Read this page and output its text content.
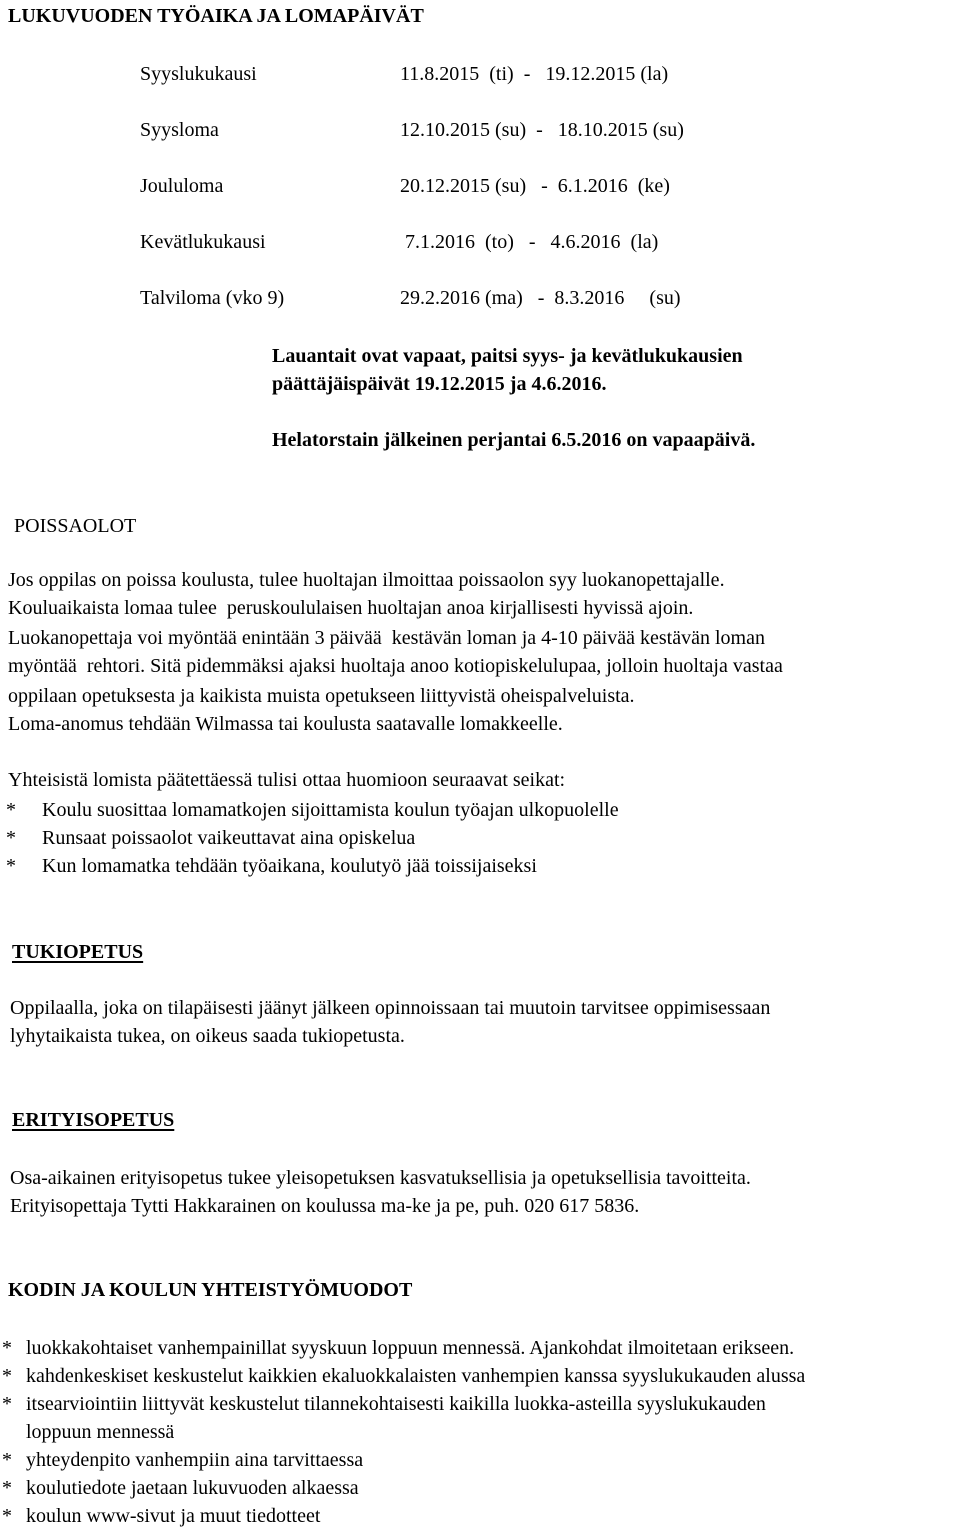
LUKUVUODEN TYÖAIKA JA LOMAPÄIVÄT
Syyslukukausi	11.8.2015  (ti)  -   19.12.2015 (la)
Syysloma	12.10.2015 (su)  -   18.10.2015 (su)
Joululoma	20.12.2015 (su)   -  6.1.2016  (ke)
Kevätlukukausi	7.1.2016  (to)   -   4.6.2016  (la)
Talviloma (vko 9)	29.2.2016 (ma)   -  8.3.2016     (su)
Lauantait ovat vapaat, paitsi syys- ja kevätlukukausien
päättäjäispäivät 19.12.2015 ja 4.6.2016.
Helatorstain jälkeinen perjantai 6.5.2016 on vapaapäivä.
POISSAOLOT
Jos oppilas on poissa koulusta, tulee huoltajan ilmoittaa poissaolon syy luokanopettajalle.
Kouluaikaista lomaa tulee  peruskoululaisen huoltajan anoa kirjallisesti hyvissä ajoin.
Luokanopettaja voi myöntää enintään 3 päivää  kestävän loman ja 4-10 päivää kestävän loman
myöntää  rehtori. Sitä pidemmäksi ajaksi huoltaja anoo kotiopiskelulupaa, jolloin huoltaja vastaa
oppilaan opetuksesta ja kaikista muista opetukseen liittyvistä oheispalveluista.
Loma-anomus tehdään Wilmassa tai koulusta saatavalle lomakkeelle.
Yhteisistä lomista päätettäessä tulisi ottaa huomioon seuraavat seikat:
* Koulu suosittaa lomamatkojen sijoittamista koulun työajan ulkopuolelle
* Runsaat poissaolot vaikeuttavat aina opiskelua
* Kun lomamatka tehdään työaikana, koulutyö jää toissijaiseksi
TUKIOPETUS
Oppilaalla, joka on tilapäisesti jäänyt jälkeen opinnoissaan tai muutoin tarvitsee oppimisessaan
lyhytaikaista tukea, on oikeus saada tukiopetusta.
ERITYISOPETUS
Osa-aikainen erityisopetus tukee yleisopetuksen kasvatuksellisia ja opetuksellisia tavoitteita.
Erityisopettaja Tytti Hakkarainen on koulussa ma-ke ja pe, puh. 020 617 5836.
KODIN JA KOULUN YHTEISTYÖMUODOT
* luokkakohtaiset vanhempainillat syyskuun loppuun mennessä. Ajankohdat ilmoitetaan erikseen.
* kahdenkeskiset keskustelut kaikkien ekaluokkalaisten vanhempien kanssa syyslukukauden alussa
* itsearviointiin liittyvät keskustelut tilannekohtaisesti kaikilla luokka-asteilla syyslukukauden
loppuun mennessä
* yhteydenpito vanhempiin aina tarvittaessa
* koulutiedote jaetaan lukuvuoden alkaessa
* koulun www-sivut ja muut tiedotteet
